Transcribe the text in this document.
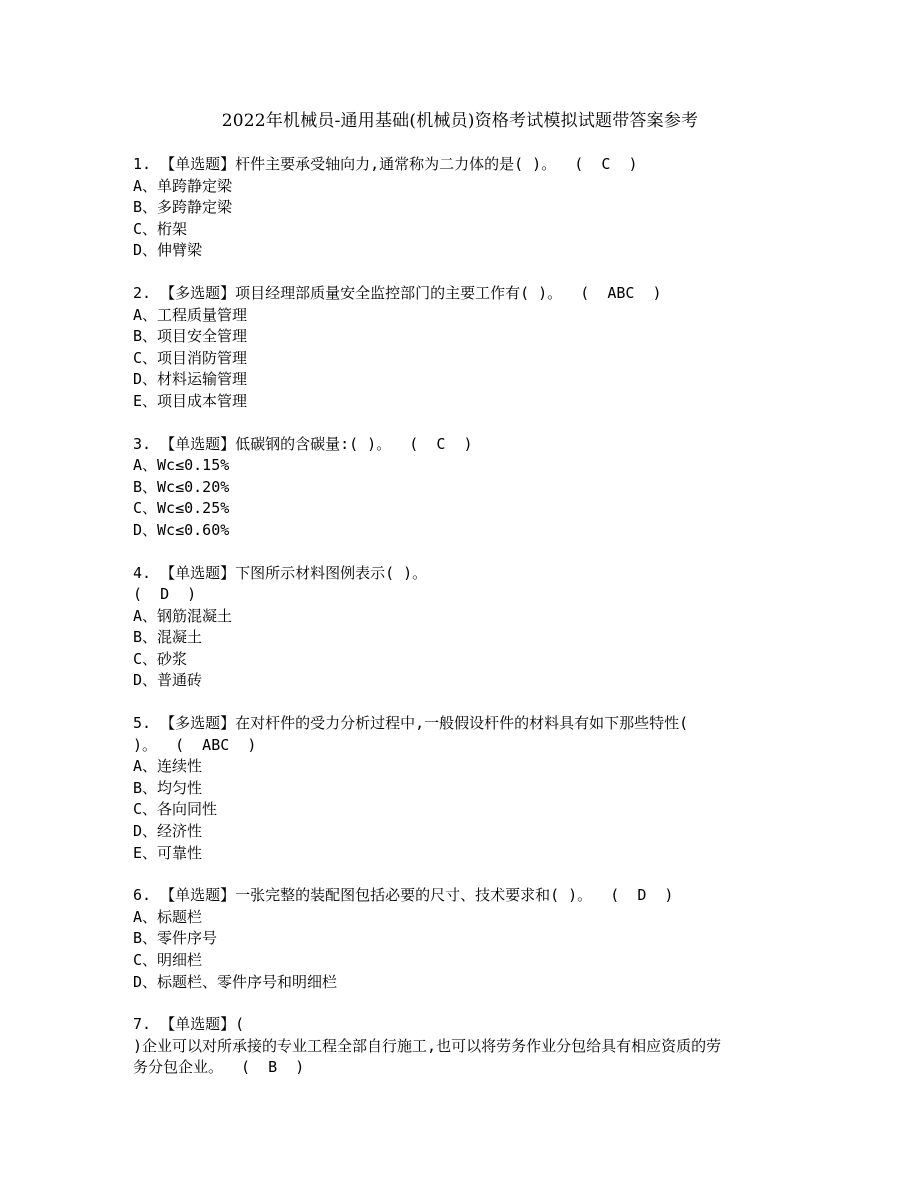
2022年机械员-通用基础(机械员)资格考试模拟试题带答案参考
1. 【单选题】杆件主要承受轴向力,通常称为二力体的是( )。  (  C  )
A、单跨静定梁
B、多跨静定梁
C、桁架
D、伸臂梁
2. 【多选题】项目经理部质量安全监控部门的主要工作有( )。  (  ABC  )
A、工程质量管理
B、项目安全管理
C、项目消防管理
D、材料运输管理
E、项目成本管理
3. 【单选题】低碳钢的含碳量:( )。  (  C  )
A、Wc≤0.15%
B、Wc≤0.20%
C、Wc≤0.25%
D、Wc≤0.60%
4. 【单选题】下图所示材料图例表示( )。
(  D  )
A、钢筋混凝土
B、混凝土
C、砂浆
D、普通砖
5. 【多选题】在对杆件的受力分析过程中,一般假设杆件的材料具有如下那些特性(
)。  (  ABC  )
A、连续性
B、均匀性
C、各向同性
D、经济性
E、可靠性
6. 【单选题】一张完整的装配图包括必要的尺寸、技术要求和( )。  (  D  )
A、标题栏
B、零件序号
C、明细栏
D、标题栏、零件序号和明细栏
7. 【单选题】(
)企业可以对所承接的专业工程全部自行施工,也可以将劳务作业分包给具有相应资质的劳
务分包企业。  (  B  )
